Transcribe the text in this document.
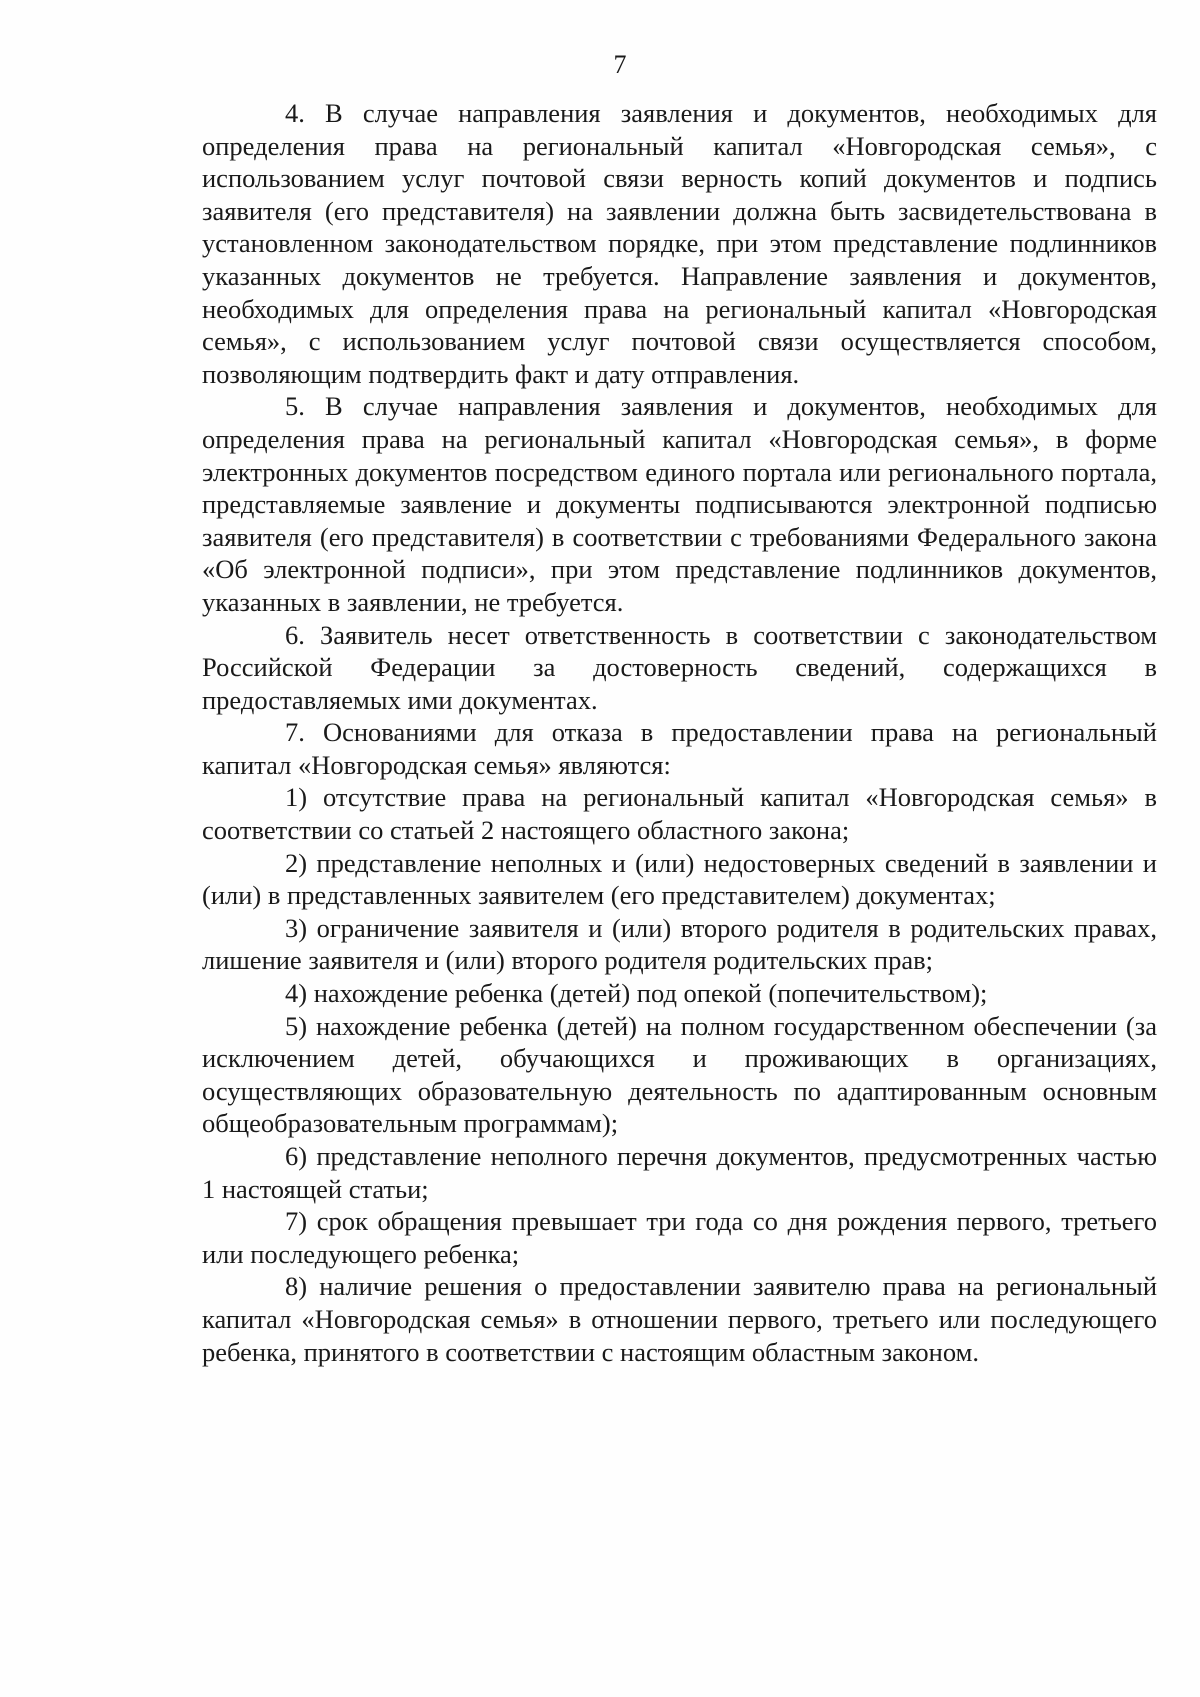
7

4. В случае направления заявления и документов, необходимых для определения права на региональный капитал «Новгородская семья», с использованием услуг почтовой связи верность копий документов и подпись заявителя (его представителя) на заявлении должна быть засвидетельствована в установленном законодательством порядке, при этом представление подлинников указанных документов не требуется. Направление заявления и документов, необходимых для определения права на региональный капитал «Новгородская семья», с использованием услуг почтовой связи осуществляется способом, позволяющим подтвердить факт и дату отправления.

5. В случае направления заявления и документов, необходимых для определения права на региональный капитал «Новгородская семья», в форме электронных документов посредством единого портала или регионального портала, представляемые заявление и документы подписываются электронной подписью заявителя (его представителя) в соответствии с требованиями Федерального закона «Об электронной подписи», при этом представление подлинников документов, указанных в заявлении, не требуется.

6. Заявитель несет ответственность в соответствии с законодательством Российской Федерации за достоверность сведений, содержащихся в предоставляемых ими документах.

7. Основаниями для отказа в предоставлении права на региональный капитал «Новгородская семья» являются:

1) отсутствие права на региональный капитал «Новгородская семья» в соответствии со статьей 2 настоящего областного закона;

2) представление неполных и (или) недостоверных сведений в заявлении и (или) в представленных заявителем (его представителем) документах;

3) ограничение заявителя и (или) второго родителя в родительских правах, лишение заявителя и (или) второго родителя родительских прав;

4) нахождение ребенка (детей) под опекой (попечительством);

5) нахождение ребенка (детей) на полном государственном обеспечении (за исключением детей, обучающихся и проживающих в организациях, осуществляющих образовательную деятельность по адаптированным основным общеобразовательным программам);

6) представление неполного перечня документов, предусмотренных частью 1 настоящей статьи;

7) срок обращения превышает три года со дня рождения первого, третьего или последующего ребенка;

8) наличие решения о предоставлении заявителю права на региональный капитал «Новгородская семья» в отношении первого, третьего или последующего ребенка, принятого в соответствии с настоящим областным законом.
